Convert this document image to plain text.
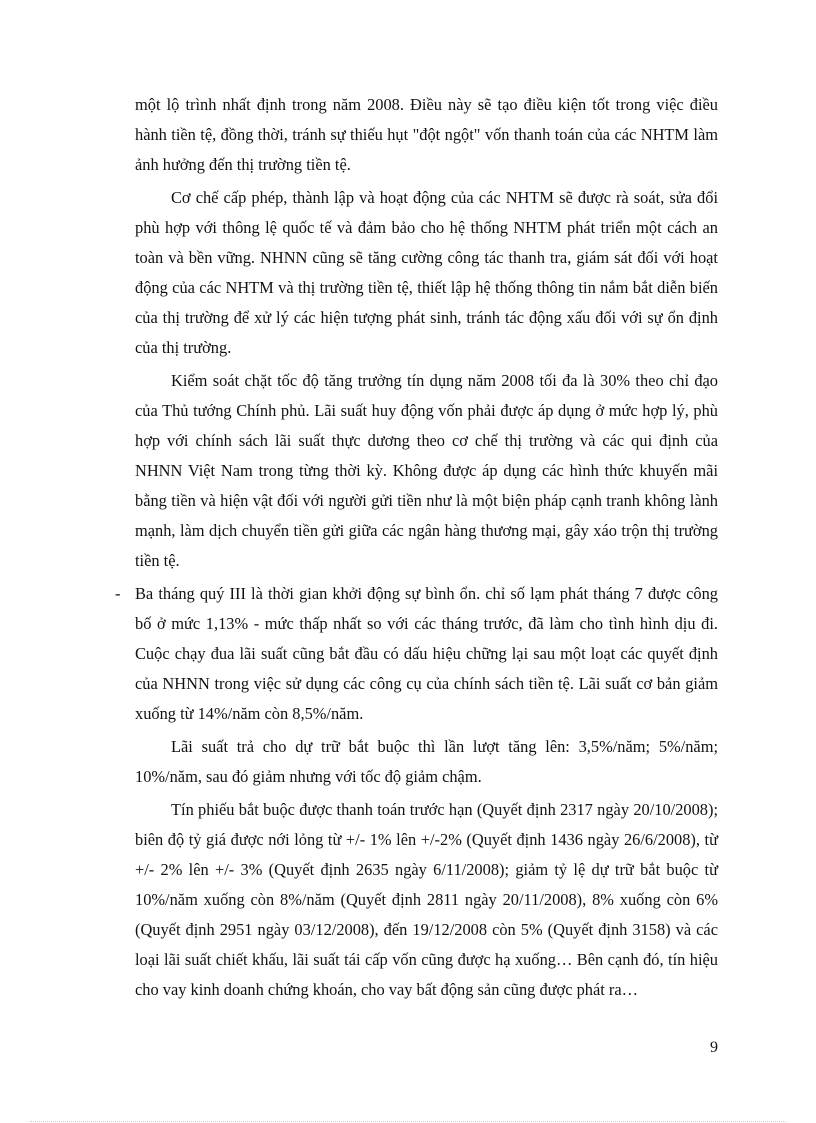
một lộ trình nhất định trong năm 2008. Điều này sẽ tạo điều kiện tốt trong việc điều hành tiền tệ, đồng thời, tránh sự thiếu hụt "đột ngột" vốn thanh toán của các NHTM làm ảnh hưởng đến thị trường tiền tệ.

Cơ chế cấp phép, thành lập và hoạt động của các NHTM sẽ được rà soát, sửa đổi phù hợp với thông lệ quốc tế và đảm bảo cho hệ thống NHTM phát triển một cách an toàn và bền vững. NHNN cũng sẽ tăng cường công tác thanh tra, giám sát đối với hoạt động của các NHTM và thị trường tiền tệ, thiết lập hệ thống thông tin nắm bắt diễn biến của thị trường để xử lý các hiện tượng phát sinh, tránh tác động xấu đối với sự ổn định của thị trường.

Kiểm soát chặt tốc độ tăng trưởng tín dụng năm 2008 tối đa là 30% theo chỉ đạo của Thủ tướng Chính phủ. Lãi suất huy động vốn phải được áp dụng ở mức hợp lý, phù hợp với chính sách lãi suất thực dương theo cơ chế thị trường và các qui định của NHNN Việt Nam trong từng thời kỳ. Không được áp dụng các hình thức khuyến mãi bằng tiền và hiện vật đối với người gửi tiền như là một biện pháp cạnh tranh không lành mạnh, làm dịch chuyển tiền gửi giữa các ngân hàng thương mại, gây xáo trộn thị trường tiền tệ.

- Ba tháng quý III là thời gian khởi động sự bình ổn. chỉ số lạm phát tháng 7 được công bố ở mức 1,13% - mức thấp nhất so với các tháng trước, đã làm cho tình hình dịu đi. Cuộc chạy đua lãi suất cũng bắt đầu có dấu hiệu chững lại sau một loạt các quyết định của NHNN trong việc sử dụng các công cụ của chính sách tiền tệ. Lãi suất cơ bản giảm xuống từ 14%/năm còn 8,5%/năm.

Lãi suất trả cho dự trữ bắt buộc thì lần lượt tăng lên: 3,5%/năm; 5%/năm; 10%/năm, sau đó giảm nhưng với tốc độ giảm chậm.

Tín phiếu bắt buộc được thanh toán trước hạn (Quyết định 2317 ngày 20/10/2008); biên độ tỷ giá được nới lỏng từ +/- 1% lên +/-2% (Quyết định 1436 ngày 26/6/2008), từ +/- 2% lên +/- 3% (Quyết định 2635 ngày 6/11/2008); giảm tỷ lệ dự trữ bắt buộc từ 10%/năm xuống còn 8%/năm (Quyết định 2811 ngày 20/11/2008), 8% xuống còn 6% (Quyết định 2951 ngày 03/12/2008), đến 19/12/2008 còn 5% (Quyết định 3158) và các loại lãi suất chiết khấu, lãi suất tái cấp vốn cũng được hạ xuống… Bên cạnh đó, tín hiệu cho vay kinh doanh chứng khoán, cho vay bất động sản cũng được phát ra…

9
